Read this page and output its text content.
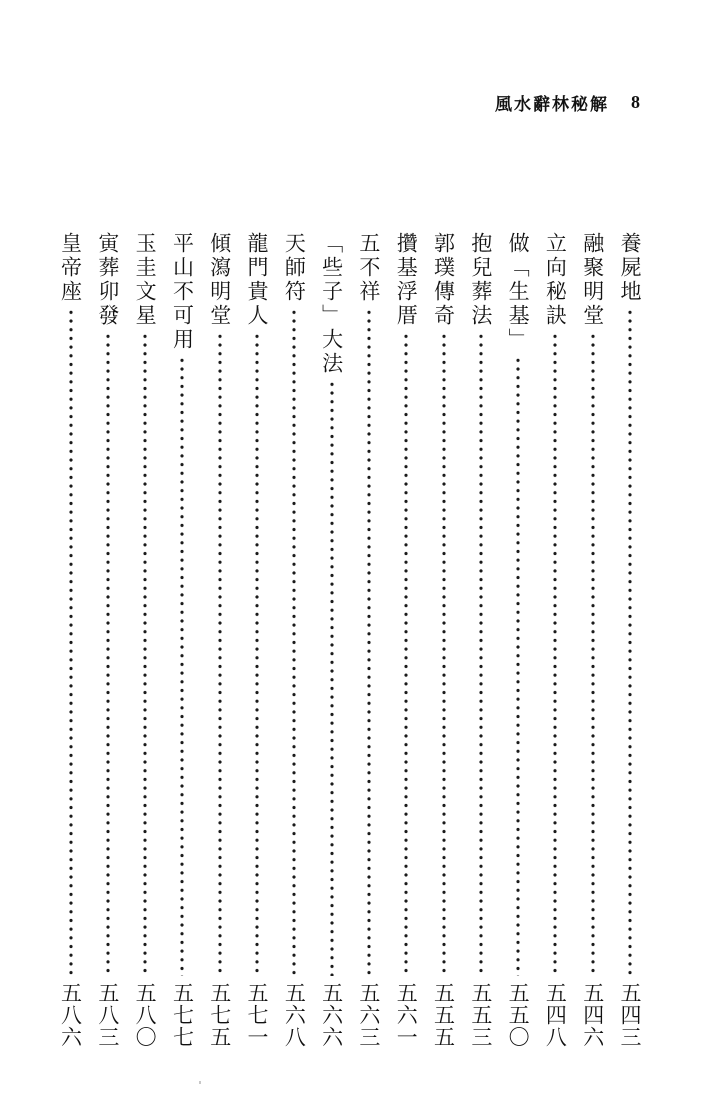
風水辭林秘解 8
養屍地
五四三
融聚明堂
五四六
立向秘訣
五四八
做「生基」
五五〇
抱兒葬法
五五三
郭璞傳奇
五五五
攢基浮厝
五六一
五不祥
五六三
「些子」大法
五六六
天師符
五六八
龍門貴人
五七一
傾瀉明堂
五七五
平山不可用
五七七
玉圭文星
五八〇
寅葬卯發
五八三
皇帝座
五八六
